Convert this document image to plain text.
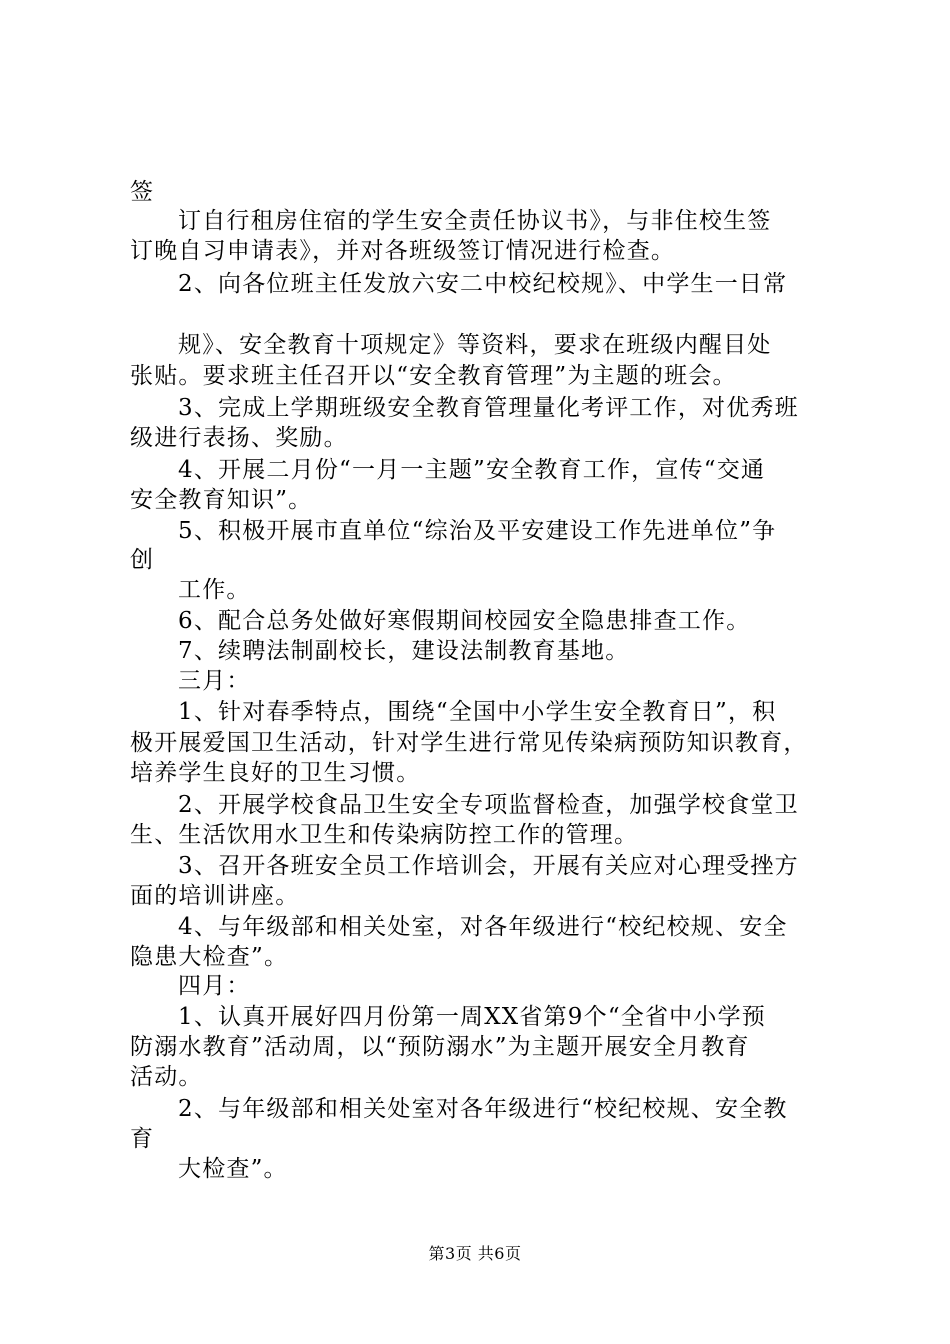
签
订自行租房住宿的学生安全责任协议书》，与非住校生签
订晚自习申请表》，并对各班级签订情况进行检查。
2、向各位班主任发放六安二中校纪校规》、中学生一日常
规》、安全教育十项规定》等资料，要求在班级内醒目处
张贴。要求班主任召开以“安全教育管理”为主题的班会。
3、完成上学期班级安全教育管理量化考评工作，对优秀班
级进行表扬、奖励。
4、开展二月份“一月一主题”安全教育工作，宣传“交通
安全教育知识”。
5、积极开展市直单位“综治及平安建设工作先进单位”争
创
工作。
6、配合总务处做好寒假期间校园安全隐患排查工作。
7、续聘法制副校长，建设法制教育基地。
三月：
1、针对春季特点，围绕“全国中小学生安全教育日”，积
极开展爱国卫生活动，针对学生进行常见传染病预防知识教育，
培养学生良好的卫生习惯。
2、开展学校食品卫生安全专项监督检查，加强学校食堂卫
生、生活饮用水卫生和传染病防控工作的管理。
3、召开各班安全员工作培训会，开展有关应对心理受挫方
面的培训讲座。
4、与年级部和相关处室，对各年级进行“校纪校规、安全
隐患大检查”。
四月：
1、认真开展好四月份第一周XX省第9个“全省中小学预
防溺水教育”活动周，以“预防溺水”为主题开展安全月教育
活动。
2、与年级部和相关处室对各年级进行“校纪校规、安全教
育
大检查”。
第3页 共6页
